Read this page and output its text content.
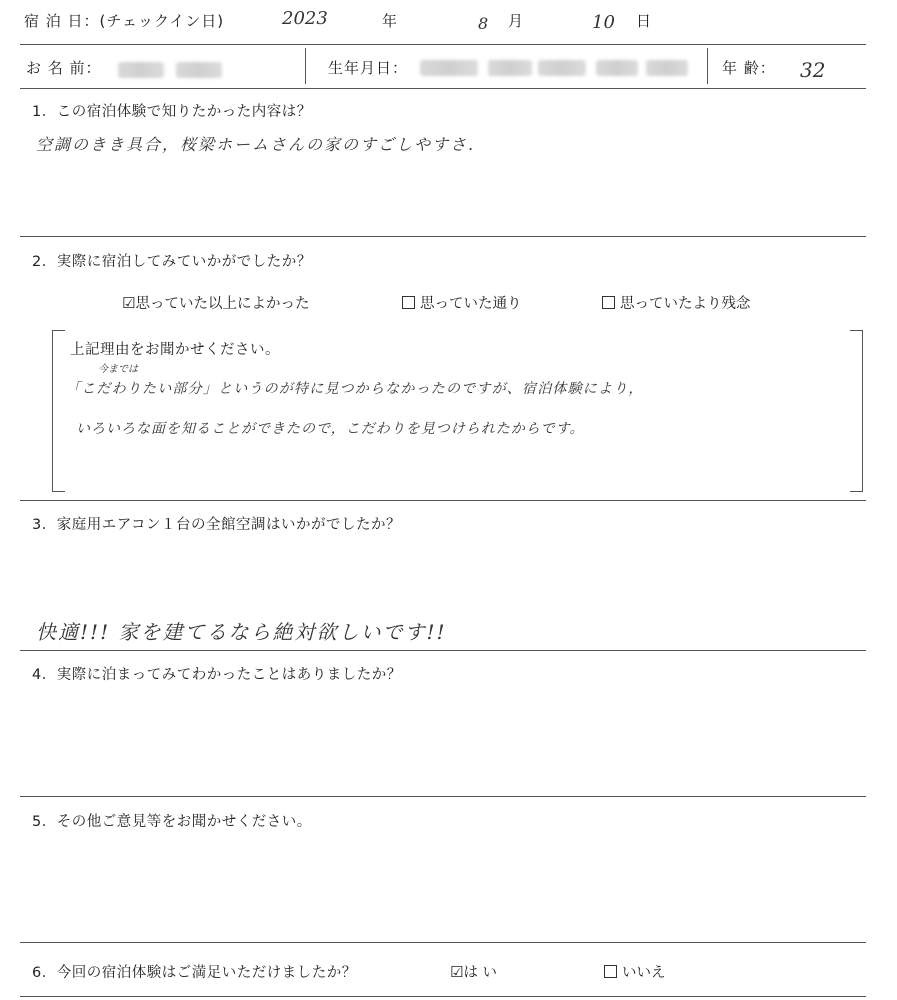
宿 泊 日：(チェックイン日)	2023	年	8 月	10 日
お 名 前：	生年月日：	年 齢： 32
1．この宿泊体験で知りたかった内容は？
空調のきき具合，桜梁ホームさんの家のすごしやすさ.
2．実際に宿泊してみていかがでしたか？
☑思っていた以上によかった	思っていた通り	思っていたより残念
上記理由をお聞かせください。
今までは
「こだわりたい部分」というのが特に見つからなかったのですが、宿泊体験により，
いろいろな面を知ることができたので，こだわりを見つけられたからです。
3．家庭用エアコン１台の全館空調はいかがでしたか？
快適!!! 家を建てるなら絶対欲しいです!!
4．実際に泊まってみてわかったことはありましたか？
5．その他ご意見等をお聞かせください。
6．今回の宿泊体験はご満足いただけましたか？	☑は い	いいえ
